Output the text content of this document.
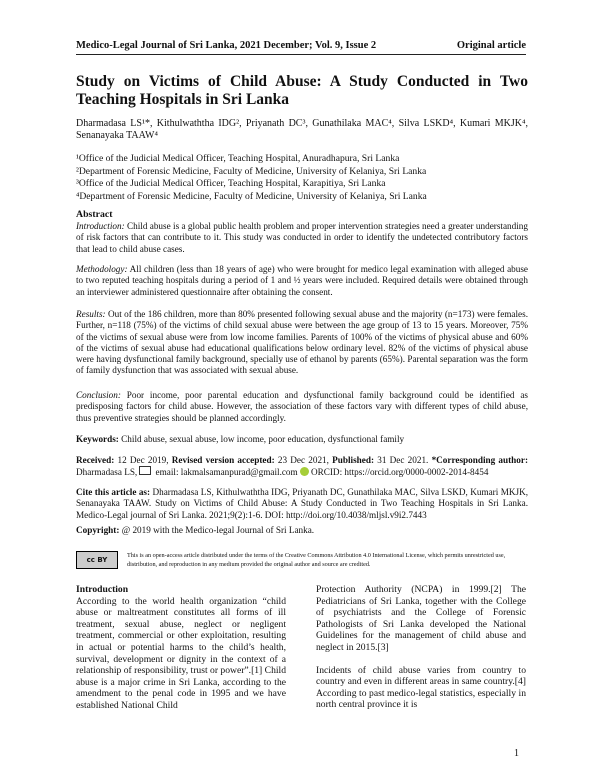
Medico-Legal Journal of Sri Lanka, 2021 December; Vol. 9, Issue 2	Original article
Study on Victims of Child Abuse: A Study Conducted in Two Teaching Hospitals in Sri Lanka
Dharmadasa LS¹*, Kithulwaththa IDG², Priyanath DC³, Gunathilaka MAC⁴, Silva LSKD⁴, Kumari MKJK⁴, Senanayaka TAAW⁴
¹Office of the Judicial Medical Officer, Teaching Hospital, Anuradhapura, Sri Lanka
²Department of Forensic Medicine, Faculty of Medicine, University of Kelaniya, Sri Lanka
³Office of the Judicial Medical Officer, Teaching Hospital, Karapitiya, Sri Lanka
⁴Department of Forensic Medicine, Faculty of Medicine, University of Kelaniya, Sri Lanka
Abstract
Introduction: Child abuse is a global public health problem and proper intervention strategies need a greater understanding of risk factors that can contribute to it. This study was conducted in order to identify the undetected contributory factors that lead to child abuse cases.
Methodology: All children (less than 18 years of age) who were brought for medico legal examination with alleged abuse to two reputed teaching hospitals during a period of 1 and ½ years were included. Required details were obtained through an interviewer administered questionnaire after obtaining the consent.
Results: Out of the 186 children, more than 80% presented following sexual abuse and the majority (n=173) were females. Further, n=118 (75%) of the victims of child sexual abuse were between the age group of 13 to 15 years. Moreover, 75% of the victims of sexual abuse were from low income families. Parents of 100% of the victims of physical abuse and 60% of the victims of sexual abuse had educational qualifications below ordinary level. 82% of the victims of physical abuse were having dysfunctional family background, specially use of ethanol by parents (65%). Parental separation was the form of family dysfunction that was associated with sexual abuse.
Conclusion: Poor income, poor parental education and dysfunctional family background could be identified as predisposing factors for child abuse. However, the association of these factors vary with different types of child abuse, thus preventive strategies should be planned accordingly.
Keywords: Child abuse, sexual abuse, low income, poor education, dysfunctional family
Received: 12 Dec 2019, Revised version accepted: 23 Dec 2021, Published: 31 Dec 2021. *Corresponding author: Dharmadasa LS, email: lakmalsamanpurad@gmail.com ORCID: https://orcid.org/0000-0002-2014-8454
Cite this article as: Dharmadasa LS, Kithulwaththa IDG, Priyanath DC, Gunathilaka MAC, Silva LSKD, Kumari MKJK, Senanayaka TAAW. Study on Victims of Child Abuse: A Study Conducted in Two Teaching Hospitals in Sri Lanka. Medico-Legal journal of Sri Lanka. 2021;9(2):1-6. DOI: http://doi.org/10.4038/mljsl.v9i2.7443
Copyright: @ 2019 with the Medico-legal Journal of Sri Lanka.
cc BY
This is an open-access article distributed under the terms of the Creative Commons Attribution 4.0 International License, which permits unrestricted use, distribution, and reproduction in any medium provided the original author and source are credited.

Introduction

According to the world health organization “child abuse or maltreatment constitutes all forms of ill treatment, sexual abuse, neglect or negligent treatment, commercial or other exploitation, resulting in actual or potential harms to the child’s health, survival, development or dignity in the context of a relationship of responsibility, trust or power”.[1] Child abuse is a major crime in Sri Lanka, according to the amendment to the penal code in 1995 and we have established National Child

Protection Authority (NCPA) in 1999.[2] The Pediatricians of Sri Lanka, together with the College of psychiatrists and the College of Forensic Pathologists of Sri Lanka developed the National Guidelines for the management of child abuse and neglect in 2015.[3]

Incidents of child abuse varies from country to country and even in different areas in same country.[4] According to past medico-legal statistics, especially in north central province it is

1
